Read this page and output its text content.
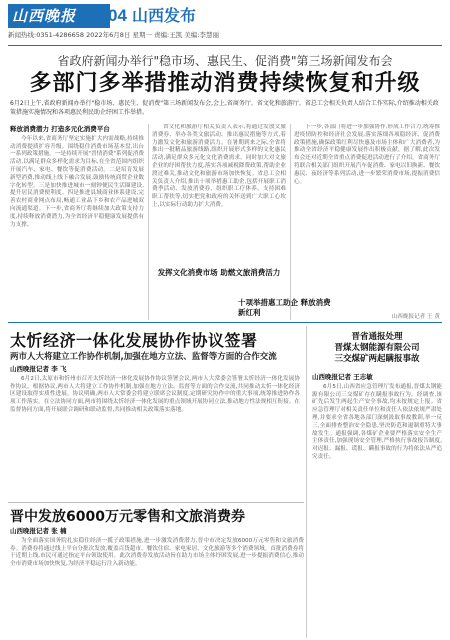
山西晚报	04 山西发布
新闻热线:0351-4286658 2022年6月8日 星期一 责编:王凯 美编:李慧丽
省政府新闻办举行"稳市场、惠民生、促消费"第三场新闻发布会
多部门多举措推动消费持续恢复和升级
6月2日上午,省政府新闻办举行"稳市场、惠民生、促消费"第三场新闻发布会,会上,省商务厅、省文化和旅游厅、省总工会相关负责人结合工作实际,介绍推动相关政策措施实施情况和各项惠民利民助企纾困工作举措。

释放消费潜力 打造多元化消费平台

今年以来,省商务厅坚定实施扩大内需战略,持续推动消费提质扩容升级。围绕稳住消费市场基本盘,出台一系列政策措施。一是持续开展"晋情消费"系列促消费活动,以满足群众多样化需求为目标,在全省范围内组织开展汽车、家电、餐饮等促消费活动。二是培育发展新型消费,推动线上线下融合发展,鼓励传统商贸企业数字化转型。三是加快推进城市一刻钟便民生活圈建设,提升居民消费便利度。四是推进县域商业体系建设,完善农村商业网点布局,畅通工业品下乡和农产品进城双向流通渠道。下一步,省商务厅将继续加大政策支持力度,持续释放消费潜力,为全省经济平稳健康发展提供有力支撑。

省文化和旅游厅相关负责人表示,将通过发放文旅消费券、举办各类文旅活动、推出惠民措施等方式,着力激发文化和旅游消费活力。在暑期到来之际,全省将推出一批精品旅游线路,组织开展形式多样的文化惠民活动,满足群众多元化文化消费需求。同时加大对文旅企业的纾困帮扶力度,落实各项减税降费政策,帮助企业渡过难关,推动文化和旅游市场加快恢复。省总工会相关负责人介绍,推出十项举措惠工助企,包括开展职工消费季活动、发放消费券、组织职工疗休养、支持困难职工帮扶等,切实把党和政府的关怀送到广大职工心坎上,以实际行动助力扩大消费。

下一步,各部门将进一步加强协作,形成工作合力,统筹推进疫情防控和经济社会发展,落实落细各项稳经济、促消费政策措施,确保政策红利尽快惠及市场主体和广大消费者,为推动全省经济平稳健康发展作出积极贡献。据了解,此次发布会还对近期全省重点消费促进活动进行了介绍。省商务厅将联合相关部门组织开展汽车促消费、家电以旧换新、餐饮惠民、夜经济等系列活动,进一步繁荣消费市场,提振消费信心。

发挥文化消费市场 助燃文旅消费活力
十项举措惠工助企 释放消费新红利	山西晚报记者 王 黄
太忻经济一体化发展协作协议签署
两市人大将建立工作协作机制,加强在地方立法、监督等方面的合作交流

山西晚报记者 李 飞

6月2日,太原市和忻州市召开太忻经济一体化发展协作协议签署会议,两市人大常委会签署太忻经济一体化发展协作协议。根据协议,两市人大将建立工作协作机制,加强在地方立法、监督等方面的合作交流,共同推动太忻一体化经济区建设取得实质性进展。协议明确,两市人大常委会将建立联席会议制度,定期研究协作中的重大事项,统筹推进协作各项工作落实。在立法协同方面,两市将围绕太忻经济一体化发展的重点领域开展协同立法,推动地方性法规相互衔接。在监督协同方面,将开展联合调研和联动监督,共同推动相关政策落实落地。

晋省通报处理
晋煤太钢能源有限公司
三交煤矿两起瞒报事故

山西晚报记者 王志敏

6月5日,山西省应急管理厅发布通报,晋煤太钢能源有限公司三交煤矿存在瞒报事故行为。经调查,该矿先后发生两起生产安全事故,均未按规定上报。省应急管理厅对相关责任单位和责任人依法依规严肃处理,并要求全省各地各部门深刻汲取事故教训,举一反三,全面排查整治安全隐患,坚决防范和遏制重特大事故发生。通报强调,各煤矿企业要严格落实安全生产主体责任,加强现场安全管理,严格执行事故报告制度,对迟报、漏报、谎报、瞒报事故的行为将依法从严追究责任。

晋中发放6000万元零售和文旅消费券

山西晚报记者 张 楠

为全面落实国务院扎实稳住经济一揽子政策措施,进一步激发消费潜力,晋中市决定发放6000万元零售和文旅消费券。消费券将通过线上平台分批次发放,覆盖百货超市、餐饮住宿、家电家居、文化旅游等多个消费领域。首批消费券将于近期上线,市民可通过指定平台领取使用。此次消费券发放活动旨在助力市场主体纾困发展,进一步提振消费信心,推动全市消费市场加快恢复,为经济平稳运行注入新动能。
